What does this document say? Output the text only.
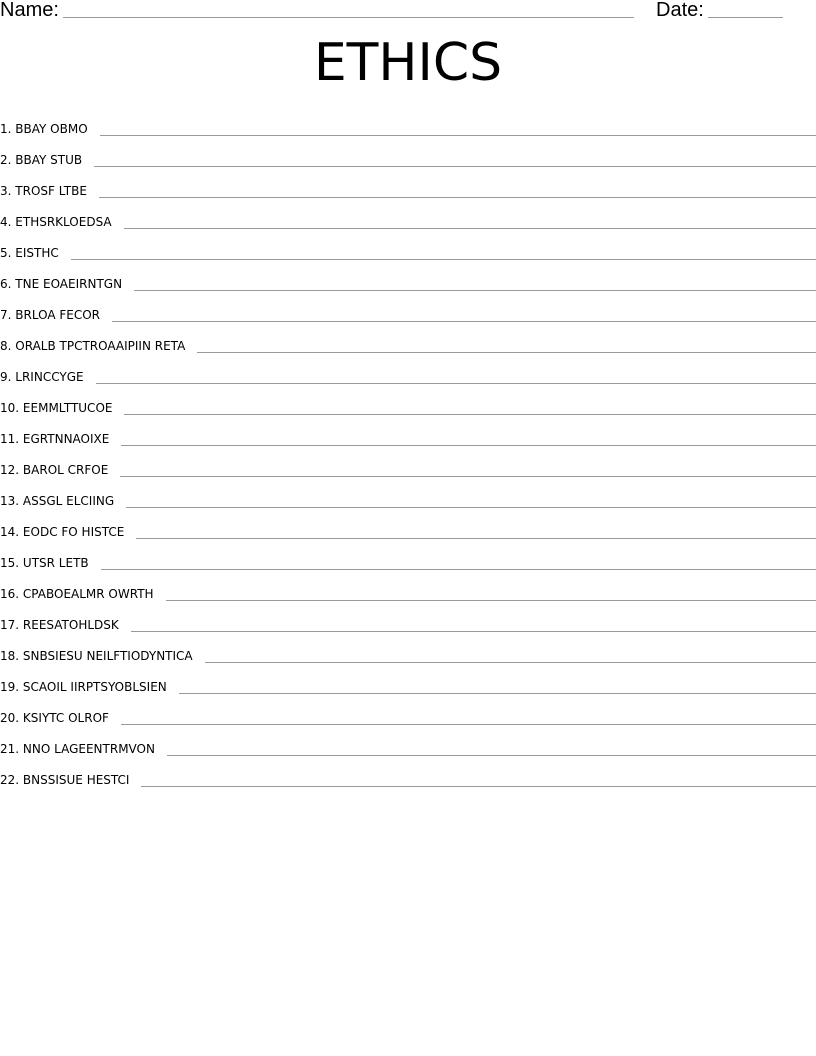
Name:	Date:
ETHICS
1. BBAY OBMO
2. BBAY STUB
3. TROSF LTBE
4. ETHSRKLOEDSA
5. EISTHC
6. TNE EOAEIRNTGN
7. BRLOA FECOR
8. ORALB TPCTROAAIPIIN RETA
9. LRINCCYGE
10. EEMMLTTUCOE
11. EGRTNNAOIXE
12. BAROL CRFOE
13. ASSGL ELCIING
14. EODC FO HISTCE
15. UTSR LETB
16. CPABOEALMR OWRTH
17. REESATOHLDSK
18. SNBSIESU NEILFTIODYNTICA
19. SCAOIL IIRPTSYOBLSIEN
20. KSIYTC OLROF
21. NNO LAGEENTRMVON
22. BNSSISUE HESTCI
